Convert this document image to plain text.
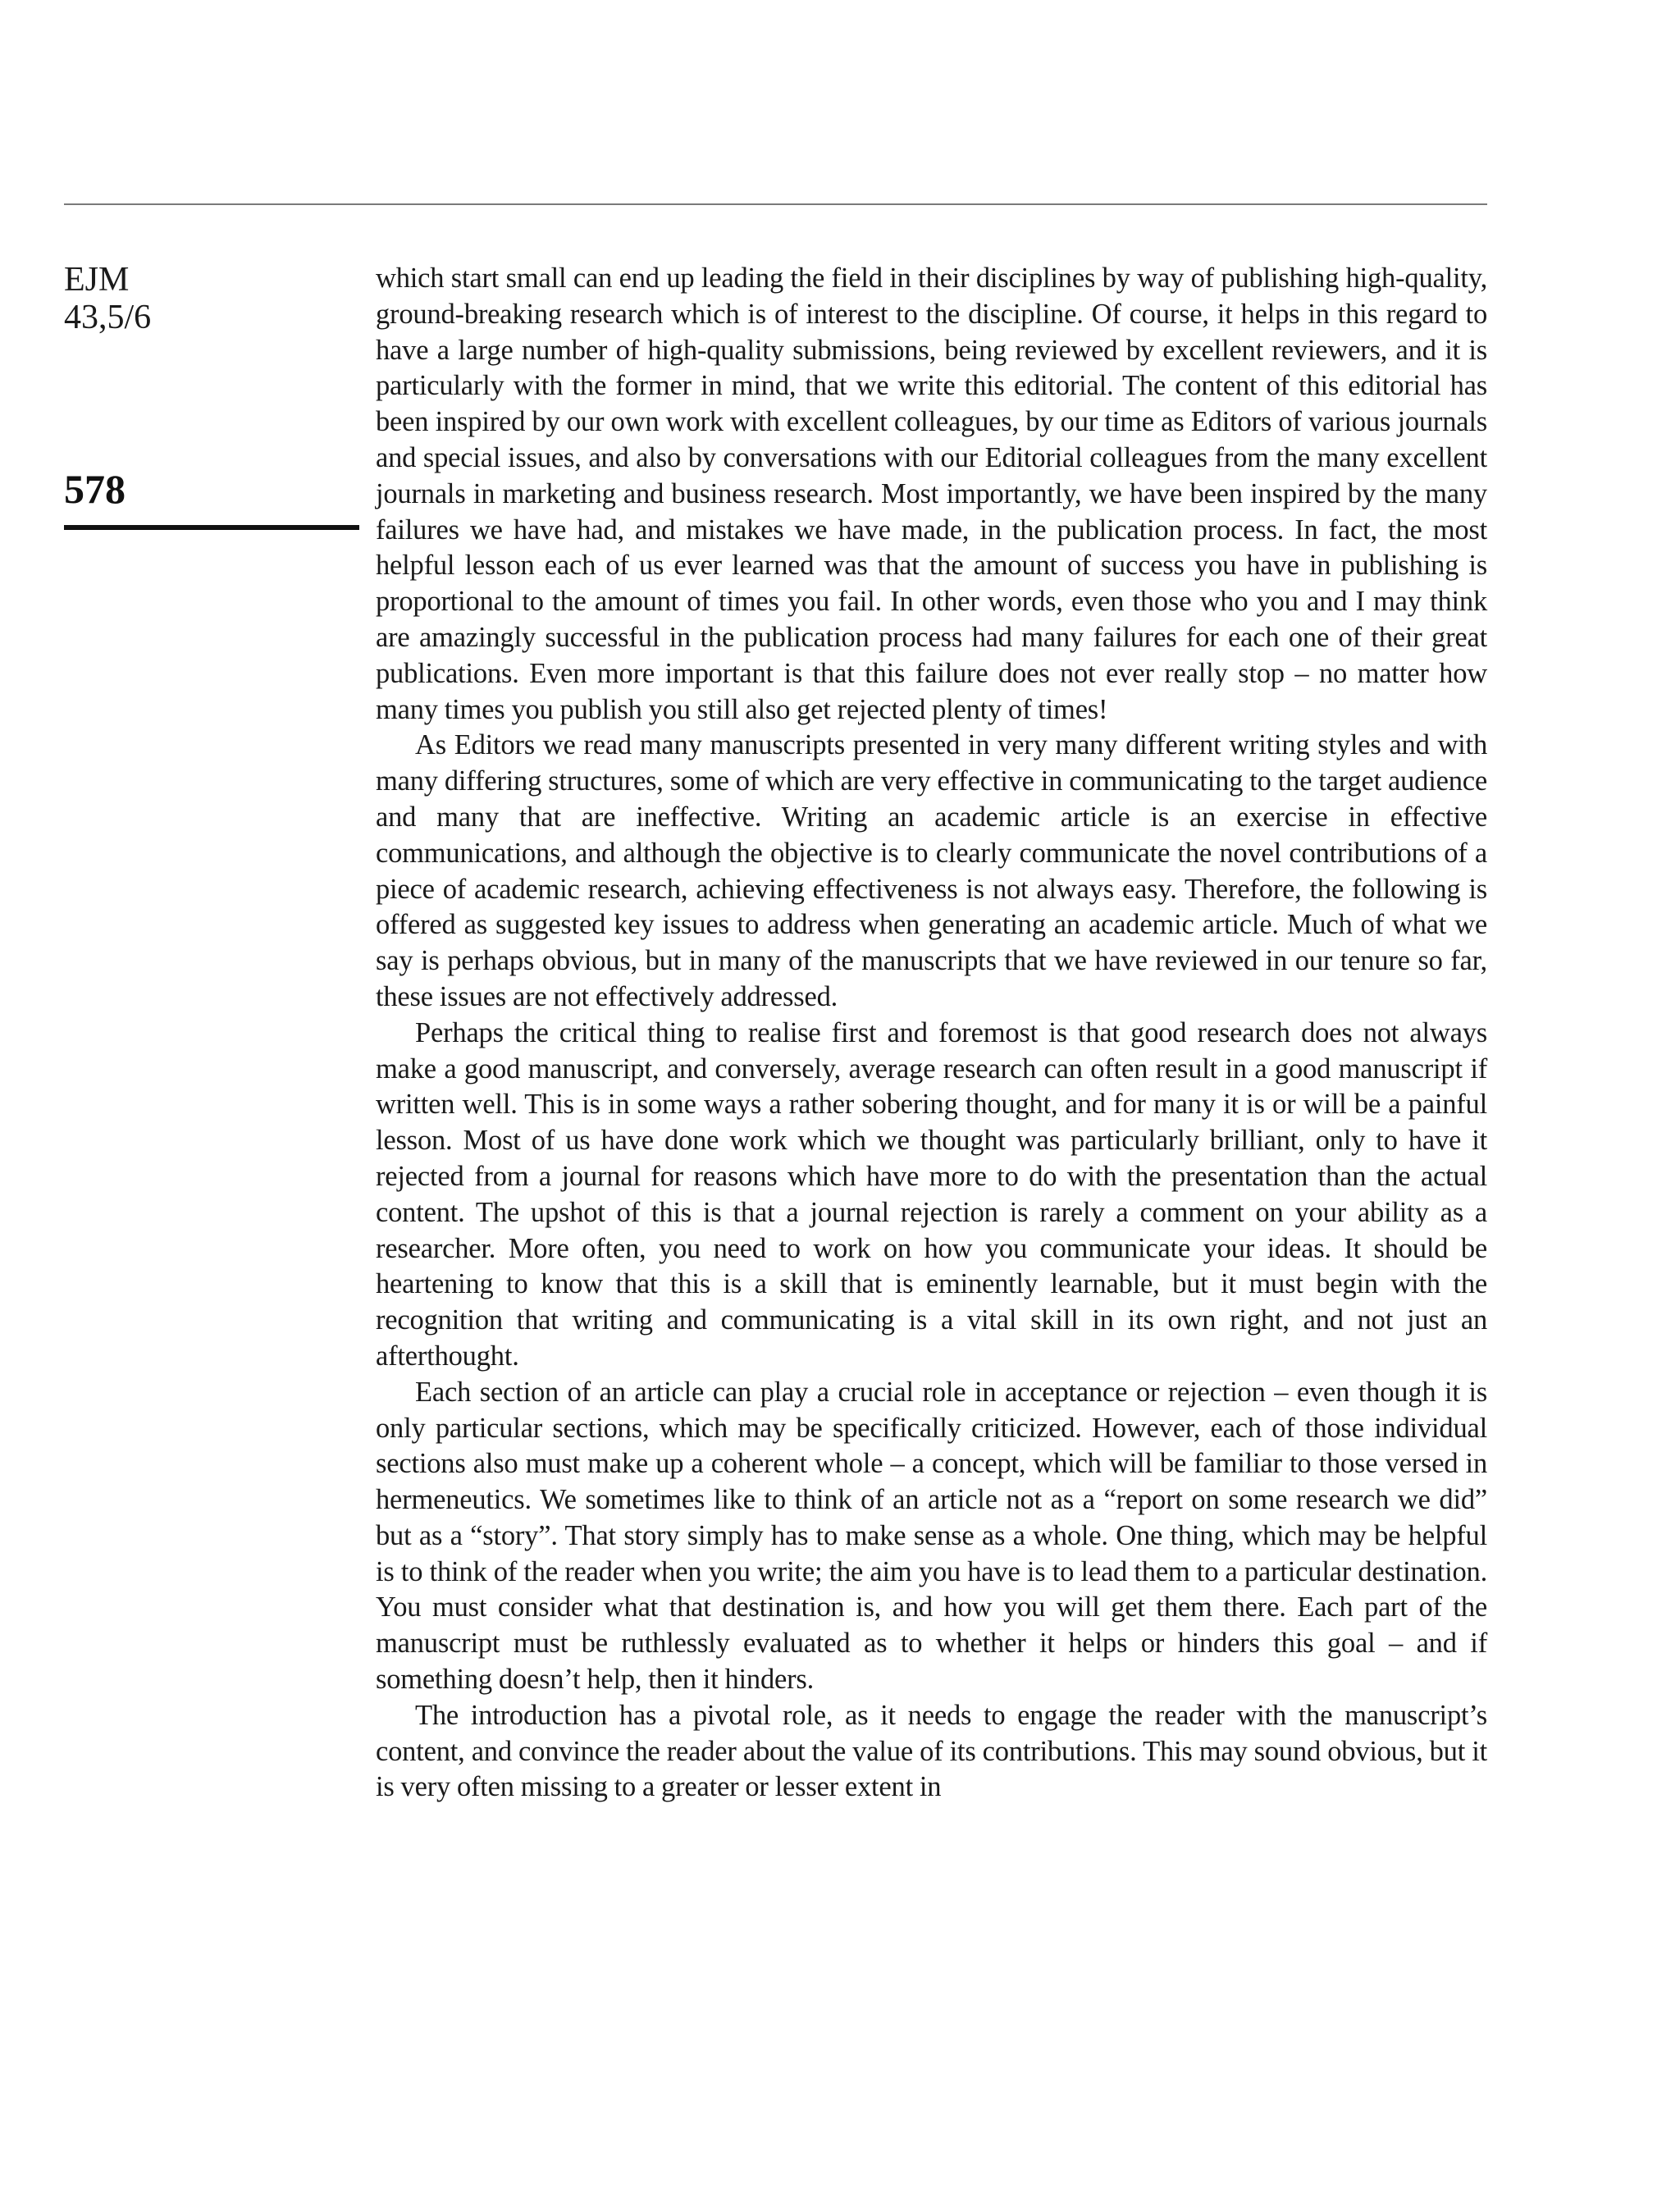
EJM
43,5/6
578

which start small can end up leading the field in their disciplines by way of publishing high-quality, ground-breaking research which is of interest to the discipline. Of course, it helps in this regard to have a large number of high-quality submissions, being reviewed by excellent reviewers, and it is particularly with the former in mind, that we write this editorial. The content of this editorial has been inspired by our own work with excellent colleagues, by our time as Editors of various journals and special issues, and also by conversations with our Editorial colleagues from the many excellent journals in marketing and business research. Most importantly, we have been inspired by the many failures we have had, and mistakes we have made, in the publication process. In fact, the most helpful lesson each of us ever learned was that the amount of success you have in publishing is proportional to the amount of times you fail. In other words, even those who you and I may think are amazingly successful in the publication process had many failures for each one of their great publications. Even more important is that this failure does not ever really stop – no matter how many times you publish you still also get rejected plenty of times!

As Editors we read many manuscripts presented in very many different writing styles and with many differing structures, some of which are very effective in communicating to the target audience and many that are ineffective. Writing an academic article is an exercise in effective communications, and although the objective is to clearly communicate the novel contributions of a piece of academic research, achieving effectiveness is not always easy. Therefore, the following is offered as suggested key issues to address when generating an academic article. Much of what we say is perhaps obvious, but in many of the manuscripts that we have reviewed in our tenure so far, these issues are not effectively addressed.

Perhaps the critical thing to realise first and foremost is that good research does not always make a good manuscript, and conversely, average research can often result in a good manuscript if written well. This is in some ways a rather sobering thought, and for many it is or will be a painful lesson. Most of us have done work which we thought was particularly brilliant, only to have it rejected from a journal for reasons which have more to do with the presentation than the actual content. The upshot of this is that a journal rejection is rarely a comment on your ability as a researcher. More often, you need to work on how you communicate your ideas. It should be heartening to know that this is a skill that is eminently learnable, but it must begin with the recognition that writing and communicating is a vital skill in its own right, and not just an afterthought.

Each section of an article can play a crucial role in acceptance or rejection – even though it is only particular sections, which may be specifically criticized. However, each of those individual sections also must make up a coherent whole – a concept, which will be familiar to those versed in hermeneutics. We sometimes like to think of an article not as a “report on some research we did” but as a “story”. That story simply has to make sense as a whole. One thing, which may be helpful is to think of the reader when you write; the aim you have is to lead them to a particular destination. You must consider what that destination is, and how you will get them there. Each part of the manuscript must be ruthlessly evaluated as to whether it helps or hinders this goal – and if something doesn’t help, then it hinders.

The introduction has a pivotal role, as it needs to engage the reader with the manuscript’s content, and convince the reader about the value of its contributions. This may sound obvious, but it is very often missing to a greater or lesser extent in
